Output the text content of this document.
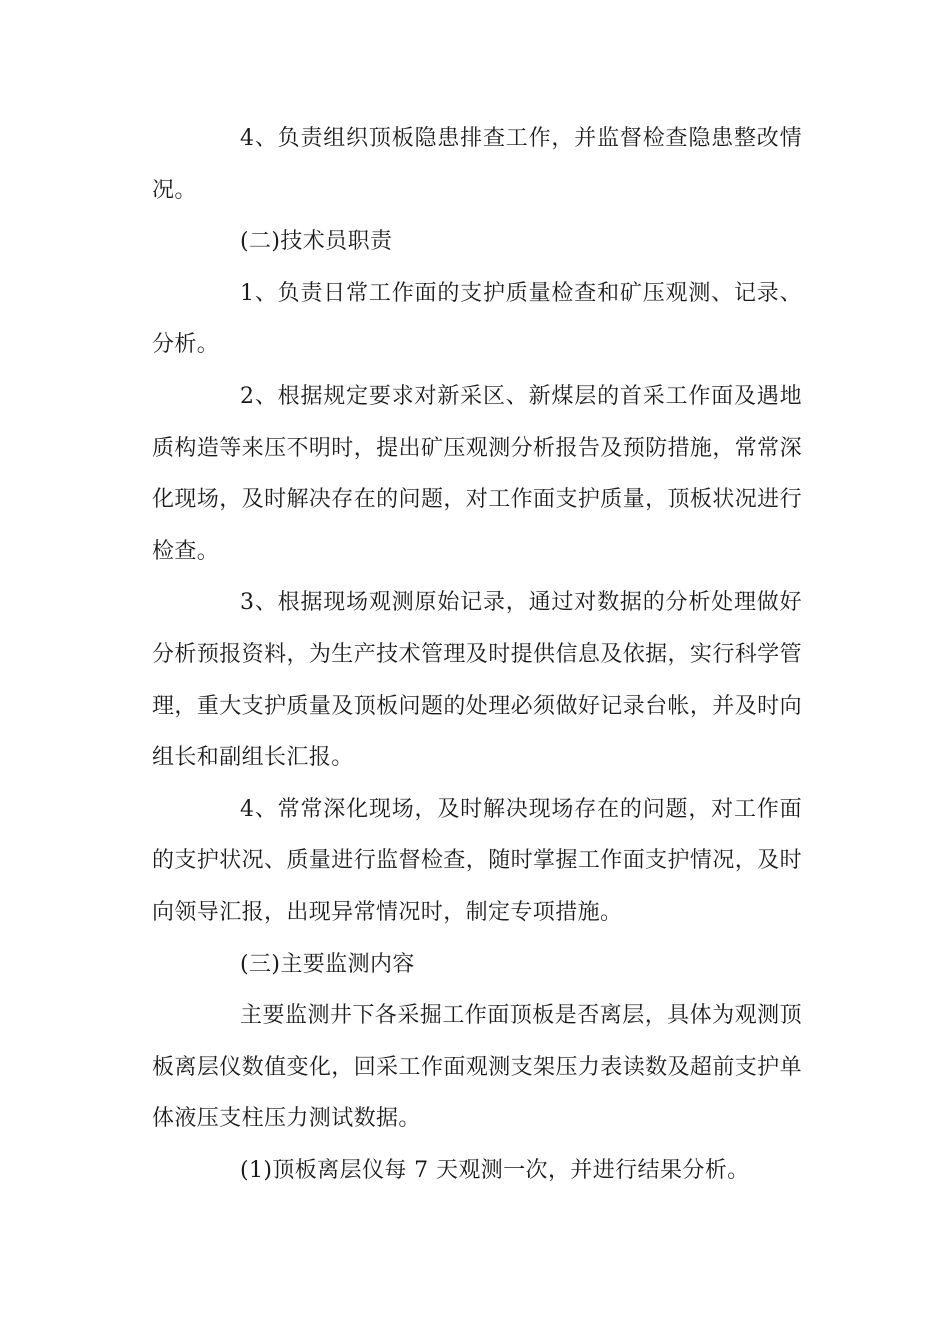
4、负责组织顶板隐患排查工作，并监督检查隐患整改情况。

(二)技术员职责

1、负责日常工作面的支护质量检查和矿压观测、记录、分析。

2、根据规定要求对新采区、新煤层的首采工作面及遇地质构造等来压不明时，提出矿压观测分析报告及预防措施，常常深化现场，及时解决存在的问题，对工作面支护质量，顶板状况进行检查。

3、根据现场观测原始记录，通过对数据的分析处理做好分析预报资料，为生产技术管理及时提供信息及依据，实行科学管理，重大支护质量及顶板问题的处理必须做好记录台帐，并及时向组长和副组长汇报。

4、常常深化现场，及时解决现场存在的问题，对工作面的支护状况、质量进行监督检查，随时掌握工作面支护情况，及时向领导汇报，出现异常情况时，制定专项措施。

(三)主要监测内容

主要监测井下各采掘工作面顶板是否离层，具体为观测顶板离层仪数值变化，回采工作面观测支架压力表读数及超前支护单体液压支柱压力测试数据。

(1)顶板离层仪每 7 天观测一次，并进行结果分析。
